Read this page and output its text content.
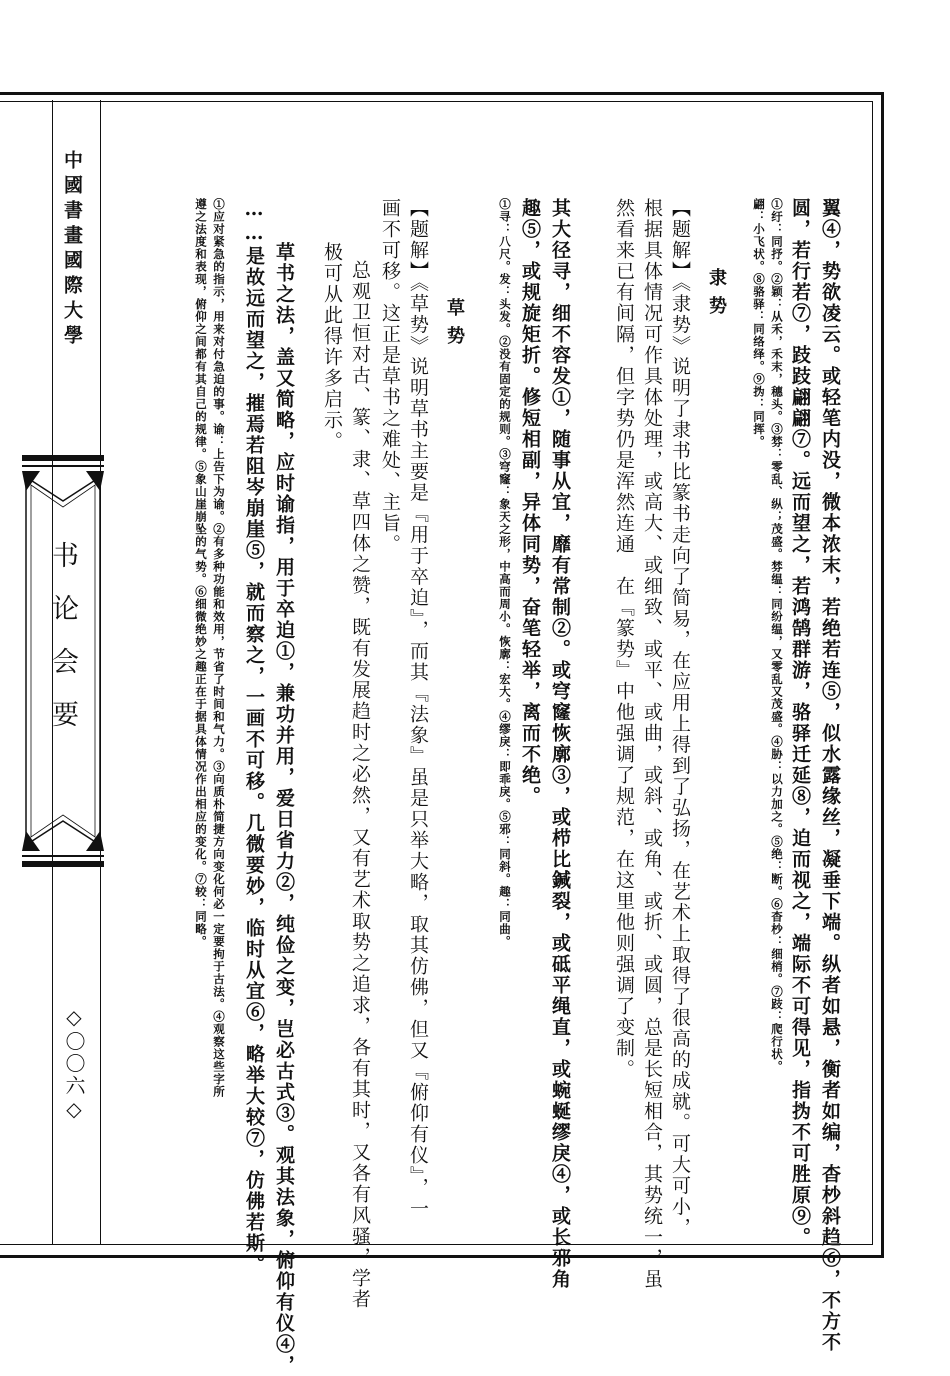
中國書畫國際大學
书论会要
◇〇〇六◇	翼④，势欲凌云。或轻笔内没，微本浓末，若绝若连⑤，似水露缘丝，凝垂下端。纵者如悬，衡者如编，杳杪斜趋⑥，不方不
圆，若行若⑦，跂跂翩翩⑦。远而望之，若鸿鹄群游，骆驿迁延⑧，迫而视之，端际不可得见，指㧑不可胜原⑨。
①纡：同抒。②颖：从禾，禾末，穗头。③棼：零乱、纵；茂盛。棼缊：同纷缊，又零乱又茂盛。④胁：以力加之。⑤绝：断。⑥杳杪：细梢。⑦跂：爬行状。
翩：小飞状。⑧骆驿：同络绎。⑨㧑：同挥。
隶势
【题解】《隶势》说明了隶书比篆书走向了简易，在应用上得到了弘扬，在艺术上取得了很高的成就。可大可小，
根据具体情况可作具体处理，或高大、或细致、或平、或曲，或斜、或角、或折、或圆，总是长短相合，其势统一，虽
然看来已有间隔，但字势仍是浑然连通　在『篆势』中他强调了规范，在这里他则强调了变制。
其大径寻，细不容发①，随事从宜，靡有常制②。或穹窿恢廓③，或栉比鍼裂，或砥平绳直，或蜿蜒缪戾④，或长邪角
趣⑤，或规旋矩折。修短相副，异体同势，奋笔轻举，离而不绝。
①寻：八尺。发：头发。②没有固定的规则。③穹窿：象天之形，中高而周小。恢廓：宏大。④缪戾：即乖戾。⑤邪：同斜。趣：同曲。
草势
【题解】《草势》说明草书主要是『用于卒迫』，而其『法象』虽是只举大略，取其仿佛，但又『俯仰有仪』，一
画不可移。这正是草书之难处、主旨。
总观卫恒对古、篆、隶、草四体之赞，既有发展趋时之必然，又有艺术取势之追求，各有其时，又各有风骚，学者
极可从此得许多启示。
草书之法，盖又简略，应时谕指，用于卒迫①，兼功并用，爱日省力②，纯俭之变，岂必古式③。观其法象，俯仰有仪④，
……是故远而望之，摧焉若阻岑崩崖⑤，就而察之，一画不可移。几微要妙，临时从宜⑥，略举大较⑦，仿佛若斯。
①应对紧急的指示，用来对付急迫的事。谕：上告下为谕。②有多种功能和效用，节省了时间和气力。③向质朴简捷方向变化何必一定要拘于古法。④观察这些字所
遵之法度和表现，俯仰之间都有其自己的规律。⑤象山崖崩坠的气势。⑥细微绝妙之趣正在于据具体情况作出相应的变化。⑦较：同略。
